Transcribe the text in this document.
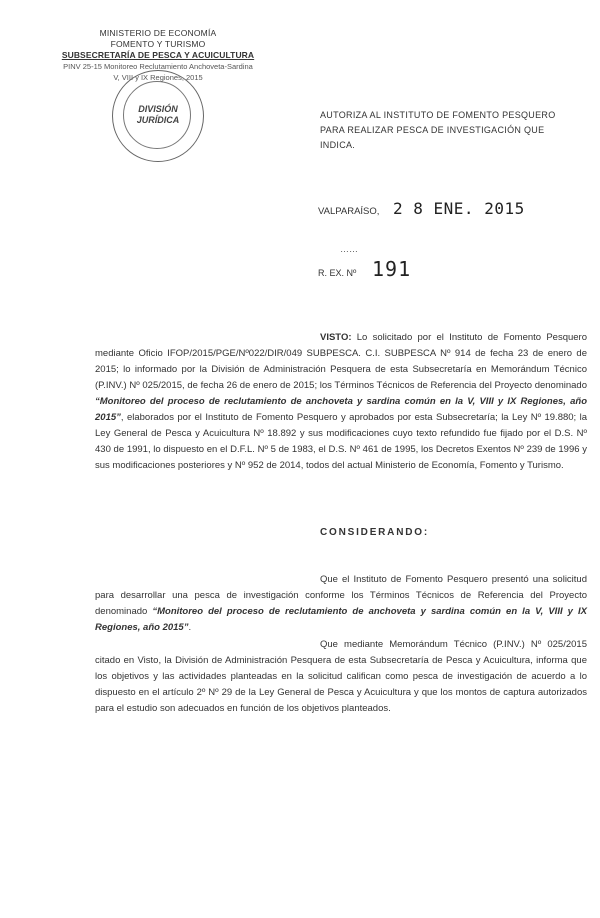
MINISTERIO DE ECONOMÍA
FOMENTO Y TURISMO
SUBSECRETARÍA DE PESCA Y ACUICULTURA
PINV 25-15 Monitoreo Reclutamiento Anchoveta-Sardina
V, VIII y IX Regiones, 2015
DIVISIÓN
JURÍDICA	AUTORIZA AL INSTITUTO DE FOMENTO PESQUERO PARA REALIZAR PESCA DE INVESTIGACIÓN QUE INDICA.
VALPARAÍSO, 2 8 ENE. 2015
……
R. EX. Nº 191
VISTO: Lo solicitado por el Instituto de Fomento Pesquero mediante Oficio IFOP/2015/PGE/Nº022/DIR/049 SUBPESCA. C.I. SUBPESCA Nº 914 de fecha 23 de enero de 2015; lo informado por la División de Administración Pesquera de esta Subsecretaría en Memorándum Técnico (P.INV.) Nº 025/2015, de fecha 26 de enero de 2015; los Términos Técnicos de Referencia del Proyecto denominado “Monitoreo del proceso de reclutamiento de anchoveta y sardina común en la V, VIII y IX Regiones, año 2015”, elaborados por el Instituto de Fomento Pesquero y aprobados por esta Subsecretaría; la Ley Nº 19.880; la Ley General de Pesca y Acuicultura Nº 18.892 y sus modificaciones cuyo texto refundido fue fijado por el D.S. Nº 430 de 1991, lo dispuesto en el D.F.L. Nº 5 de 1983, el D.S. Nº 461 de 1995, los Decretos Exentos Nº 239 de 1996 y sus modificaciones posteriores y Nº 952 de 2014, todos del actual Ministerio de Economía, Fomento y Turismo.
CONSIDERANDO:
Que el Instituto de Fomento Pesquero presentó una solicitud para desarrollar una pesca de investigación conforme los Términos Técnicos de Referencia del Proyecto denominado “Monitoreo del proceso de reclutamiento de anchoveta y sardina común en la V, VIII y IX Regiones, año 2015”.
Que mediante Memorándum Técnico (P.INV.) Nº 025/2015 citado en Visto, la División de Administración Pesquera de esta Subsecretaría de Pesca y Acuicultura, informa que los objetivos y las actividades planteadas en la solicitud califican como pesca de investigación de acuerdo a lo dispuesto en el artículo 2º Nº 29 de la Ley General de Pesca y Acuicultura y que los montos de captura autorizados para el estudio son adecuados en función de los objetivos planteados.
